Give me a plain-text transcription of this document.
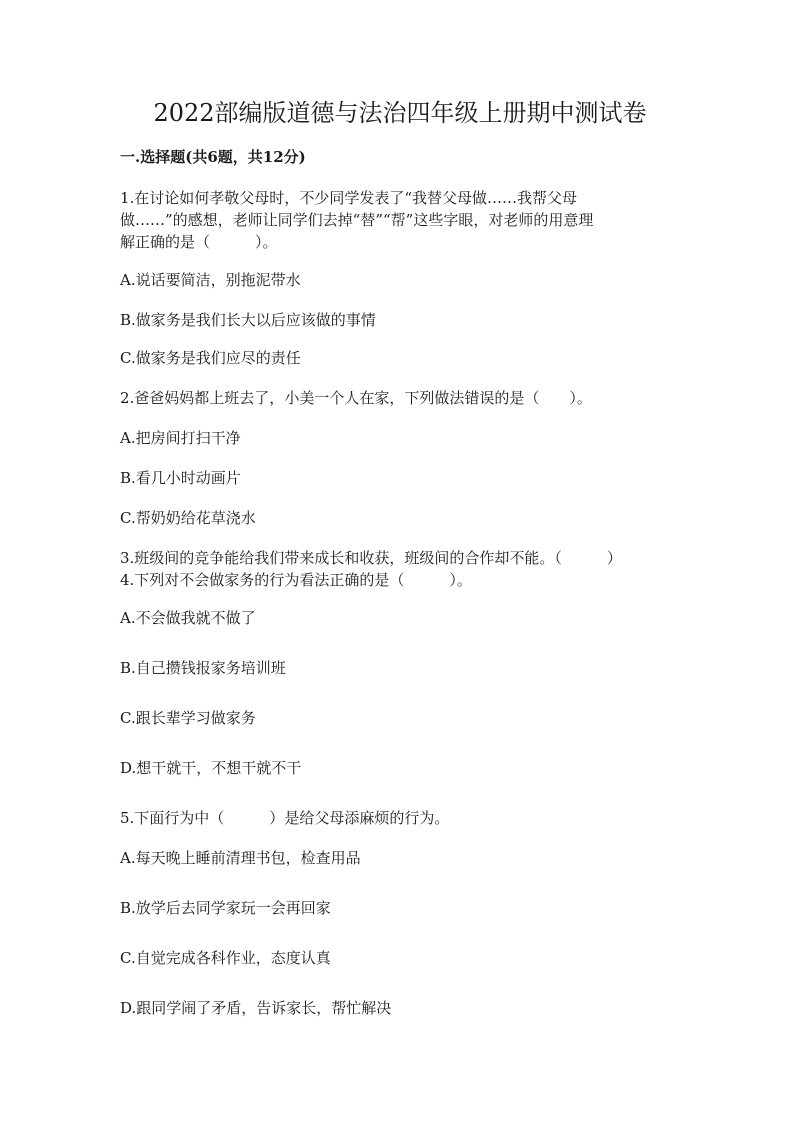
2022部编版道德与法治四年级上册期中测试卷
一.选择题(共6题，共12分)
1.在讨论如何孝敬父母时，不少同学发表了“我替父母做……我帮父母
做……”的感想，老师让同学们去掉“替”“帮”这些字眼，对老师的用意理
解正确的是（　　　）。
A.说话要简洁，别拖泥带水
B.做家务是我们长大以后应该做的事情
C.做家务是我们应尽的责任
2.爸爸妈妈都上班去了，小美一个人在家，下列做法错误的是（　　）。
A.把房间打扫干净
B.看几小时动画片
C.帮奶奶给花草浇水
3.班级间的竞争能给我们带来成长和收获，班级间的合作却不能。（　　　）
4.下列对不会做家务的行为看法正确的是（　　　）。
A.不会做我就不做了
B.自己攒钱报家务培训班
C.跟长辈学习做家务
D.想干就干，不想干就不干
5.下面行为中（　　　）是给父母添麻烦的行为。
A.每天晚上睡前清理书包，检查用品
B.放学后去同学家玩一会再回家
C.自觉完成各科作业，态度认真
D.跟同学闹了矛盾，告诉家长，帮忙解决
